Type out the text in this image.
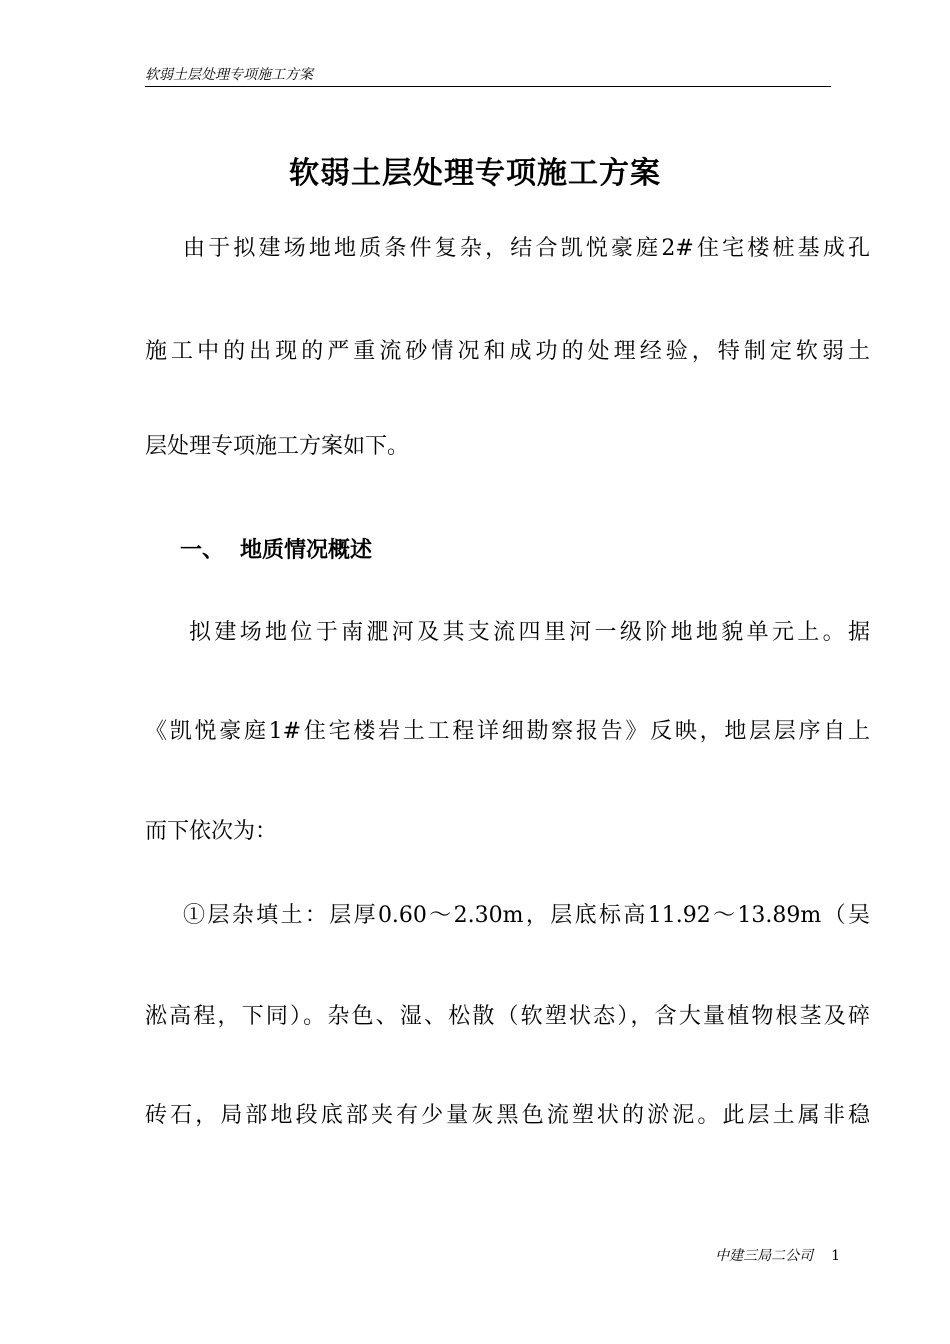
软弱土层处理专项施工方案
软弱土层处理专项施工方案
由于拟建场地地质条件复杂，结合凯悦豪庭2#住宅楼桩基成孔
施工中的出现的严重流砂情况和成功的处理经验，特制定软弱土
层处理专项施工方案如下。
一、 地质情况概述
拟建场地位于南淝河及其支流四里河一级阶地地貌单元上。据
《凯悦豪庭1#住宅楼岩土工程详细勘察报告》反映，地层层序自上
而下依次为：
①层杂填土：层厚0.60～2.30m，层底标高11.92～13.89m（吴
淞高程，下同）。杂色、湿、松散（软塑状态），含大量植物根茎及碎
砖石，局部地段底部夹有少量灰黑色流塑状的淤泥。此层土属非稳
中建三局二公司 1
